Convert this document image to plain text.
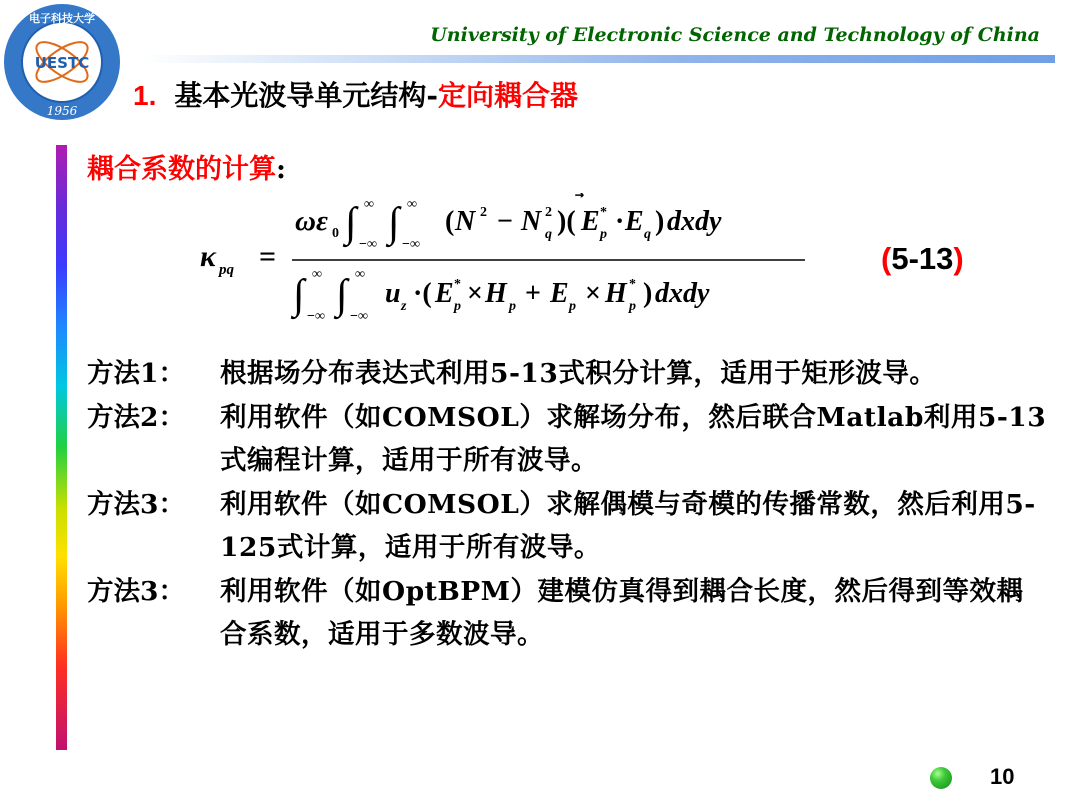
电子科技大学
UESTC
1956
University of Electronic Science and Technology of China
1. 基本光波导单元结构-定向耦合器
耦合系数的计算:
κ pq =
ωε 0 ∫ ∞
−∞ ∫ ∞
−∞
( N 2 − N 2
q )( E *
p · E q ) dxdy
∫ ∞
−∞ ∫ ∞
−∞
u z ·( E *
p × H p + E p × H *
p ) dxdy
(5-13)
方法1：	根据场分布表达式利用5-13式积分计算，适用于矩形波导。
方法2：	利用软件（如COMSOL）求解场分布，然后联合Matlab利用5-13式编程计算，适用于所有波导。
方法3：	利用软件（如COMSOL）求解偶模与奇模的传播常数，然后利用5-125式计算，适用于所有波导。
方法3：	利用软件（如OptBPM）建模仿真得到耦合长度，然后得到等效耦合系数，适用于多数波导。
10
